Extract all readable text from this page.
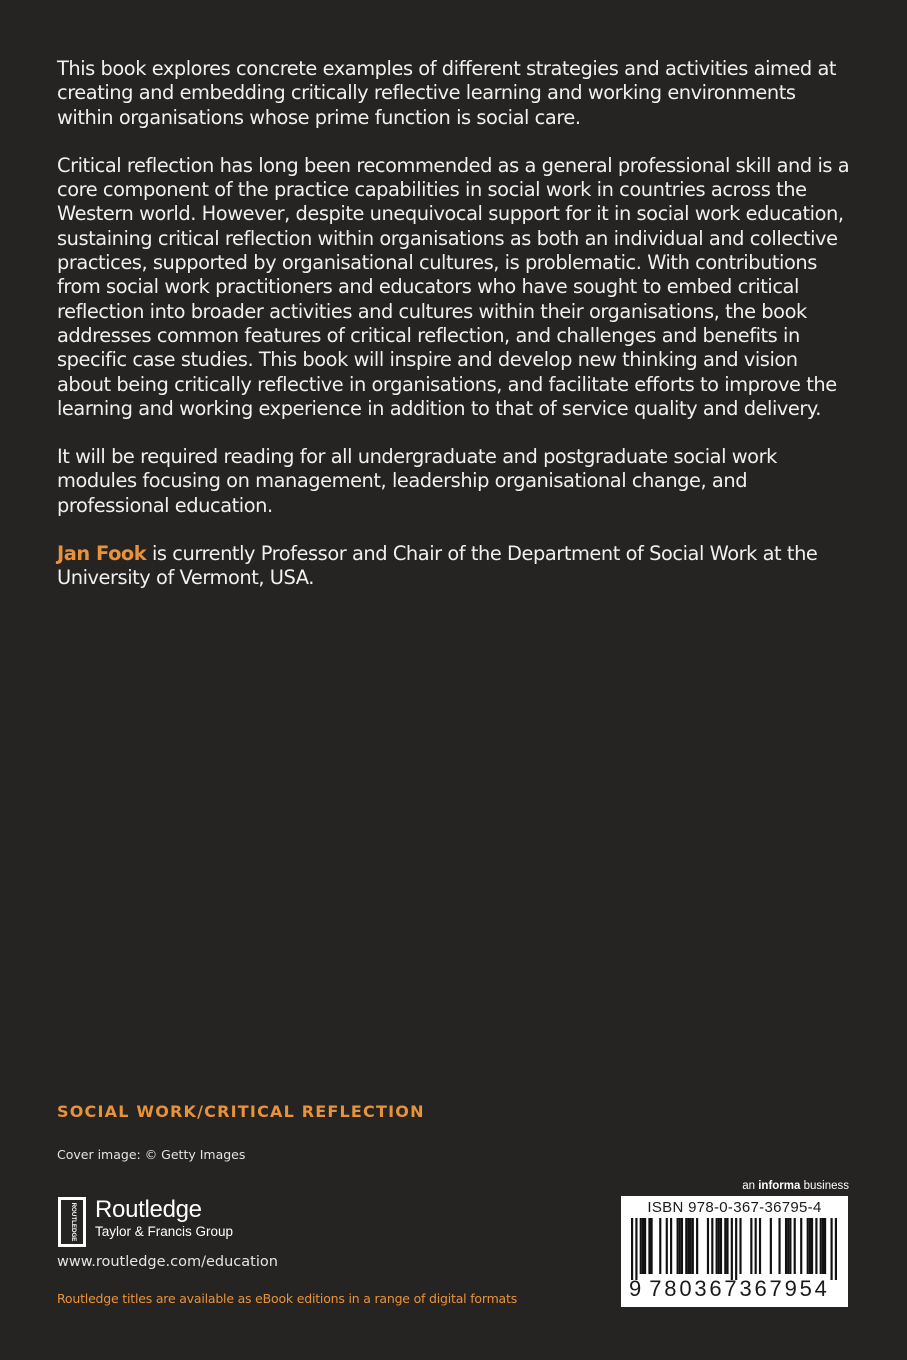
This book explores concrete examples of different strategies and activities aimed at creating and embedding critically reflective learning and working environments within organisations whose prime function is social care.

Critical reflection has long been recommended as a general professional skill and is a core component of the practice capabilities in social work in countries across the Western world. However, despite unequivocal support for it in social work education, sustaining critical reflection within organisations as both an individual and collective practices, supported by organisational cultures, is problematic. With contributions from social work practitioners and educators who have sought to embed critical reflection into broader activities and cultures within their organisations, the book addresses common features of critical reflection, and challenges and benefits in specific case studies. This book will inspire and develop new thinking and vision about being critically reflective in organisations, and facilitate efforts to improve the learning and working experience in addition to that of service quality and delivery.

It will be required reading for all undergraduate and postgraduate social work modules focusing on management, leadership organisational change, and professional education.

Jan Fook is currently Professor and Chair of the Department of Social Work at the University of Vermont, USA.

SOCIAL WORK/CRITICAL REFLECTION
Cover image: © Getty Images
ROUTLEDGE Routledge
Taylor & Francis Group
www.routledge.com/education
Routledge titles are available as eBook editions in a range of digital formats
an informa business
ISBN 978-0-367-36795-4
9 780367367954
